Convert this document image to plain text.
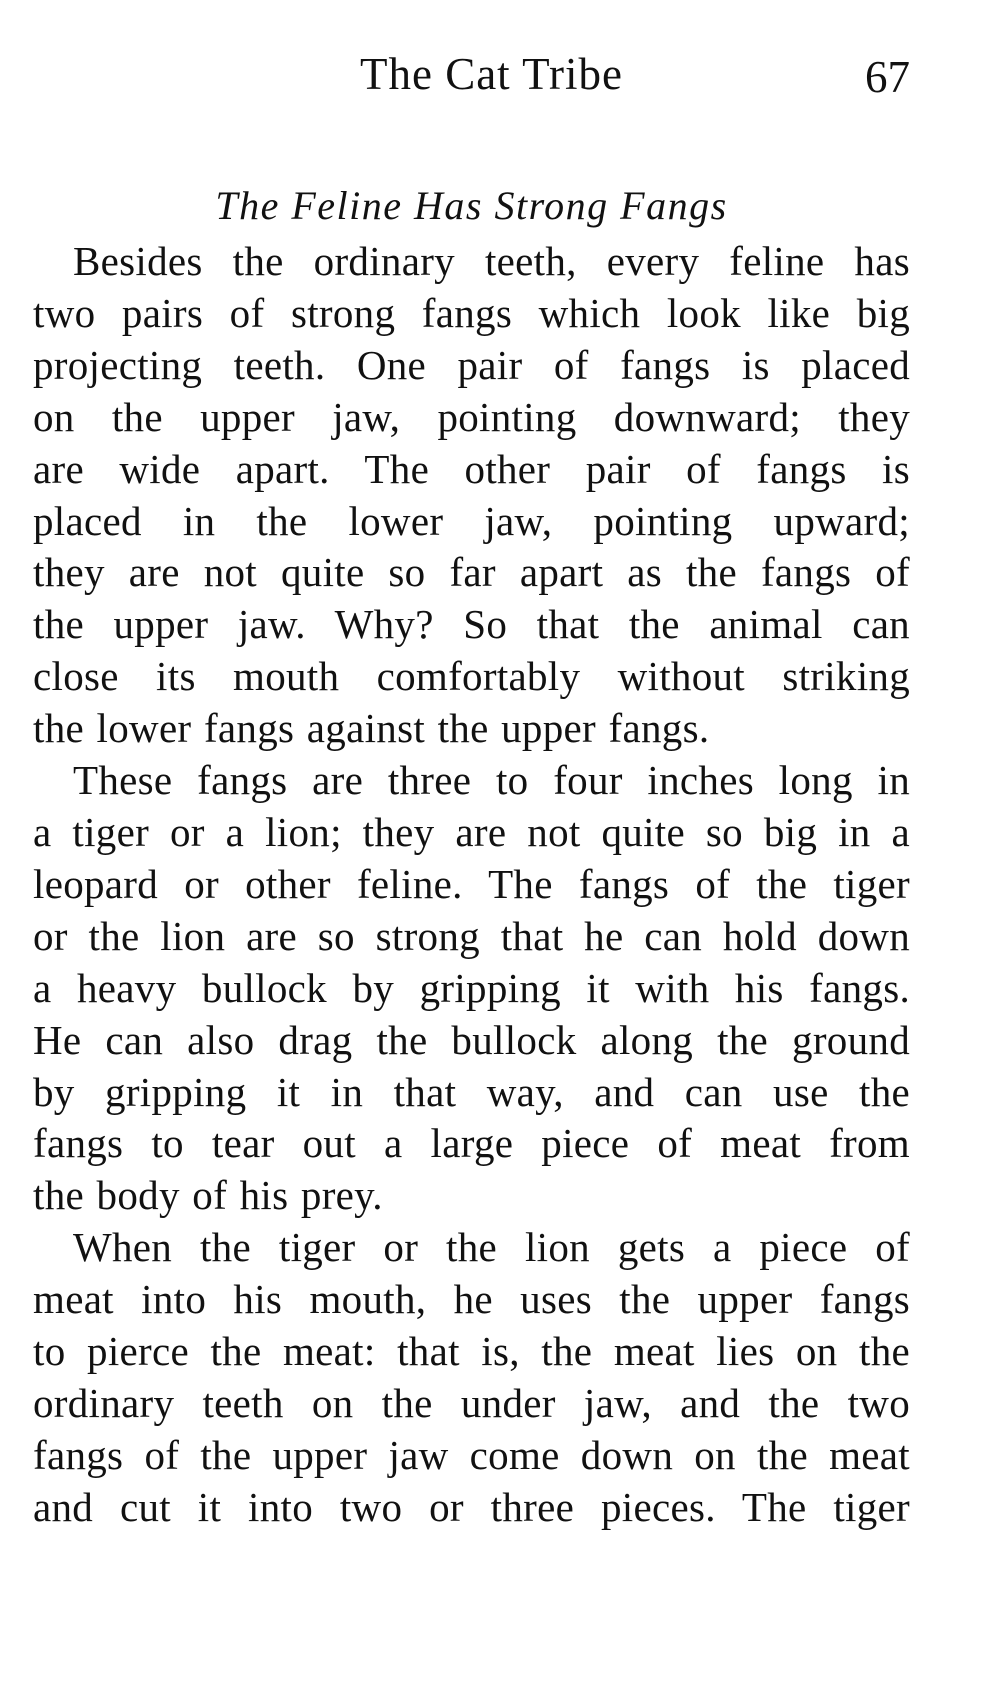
The Cat Tribe	67
The Feline Has Strong Fangs
Besides the ordinary teeth, every feline has
two pairs of strong fangs which look like big
projecting teeth. One pair of fangs is placed
on the upper jaw, pointing downward; they
are wide apart. The other pair of fangs is
placed in the lower jaw, pointing upward;
they are not quite so far apart as the fangs of
the upper jaw. Why? So that the animal can
close its mouth comfortably without striking
the lower fangs against the upper fangs.
These fangs are three to four inches long in
a tiger or a lion; they are not quite so big in a
leopard or other feline. The fangs of the tiger
or the lion are so strong that he can hold down
a heavy bullock by gripping it with his fangs.
He can also drag the bullock along the ground
by gripping it in that way, and can use the
fangs to tear out a large piece of meat from
the body of his prey.
When the tiger or the lion gets a piece of
meat into his mouth, he uses the upper fangs
to pierce the meat: that is, the meat lies on the
ordinary teeth on the under jaw, and the two
fangs of the upper jaw come down on the meat
and cut it into two or three pieces. The tiger
